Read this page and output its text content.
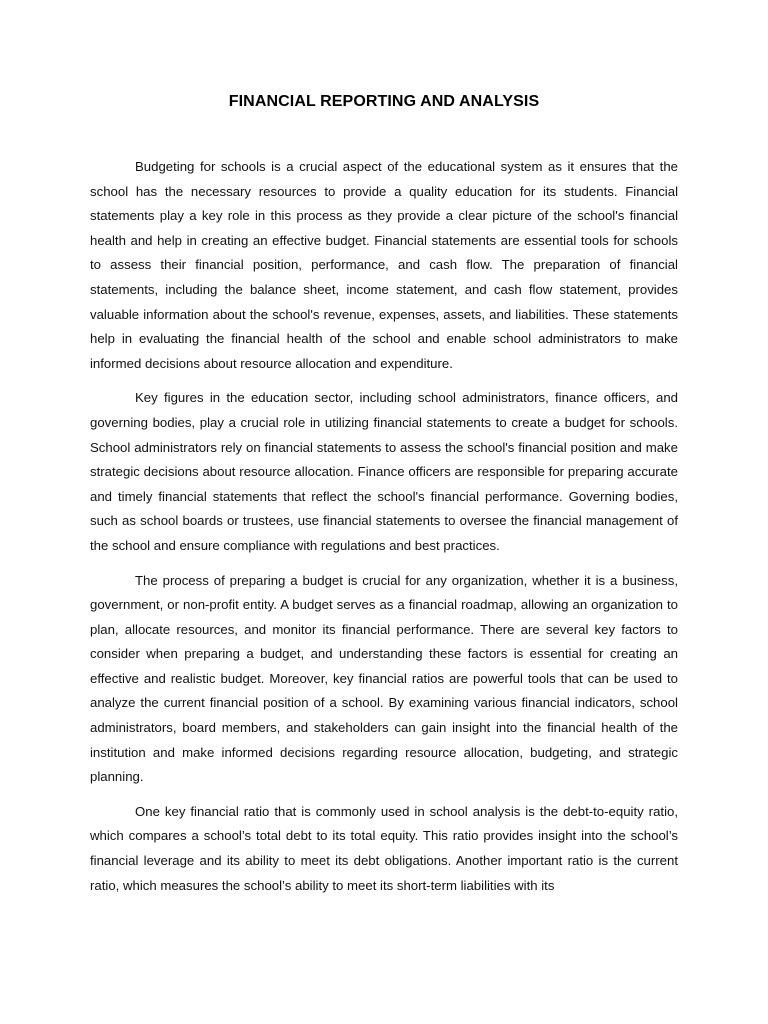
FINANCIAL REPORTING AND ANALYSIS

Budgeting for schools is a crucial aspect of the educational system as it ensures that the school has the necessary resources to provide a quality education for its students. Financial statements play a key role in this process as they provide a clear picture of the school's financial health and help in creating an effective budget. Financial statements are essential tools for schools to assess their financial position, performance, and cash flow. The preparation of financial statements, including the balance sheet, income statement, and cash flow statement, provides valuable information about the school's revenue, expenses, assets, and liabilities. These statements help in evaluating the financial health of the school and enable school administrators to make informed decisions about resource allocation and expenditure.

Key figures in the education sector, including school administrators, finance officers, and governing bodies, play a crucial role in utilizing financial statements to create a budget for schools. School administrators rely on financial statements to assess the school's financial position and make strategic decisions about resource allocation. Finance officers are responsible for preparing accurate and timely financial statements that reflect the school's financial performance. Governing bodies, such as school boards or trustees, use financial statements to oversee the financial management of the school and ensure compliance with regulations and best practices.

The process of preparing a budget is crucial for any organization, whether it is a business, government, or non-profit entity. A budget serves as a financial roadmap, allowing an organization to plan, allocate resources, and monitor its financial performance. There are several key factors to consider when preparing a budget, and understanding these factors is essential for creating an effective and realistic budget. Moreover, key financial ratios are powerful tools that can be used to analyze the current financial position of a school. By examining various financial indicators, school administrators, board members, and stakeholders can gain insight into the financial health of the institution and make informed decisions regarding resource allocation, budgeting, and strategic planning.

One key financial ratio that is commonly used in school analysis is the debt-to-equity ratio, which compares a school’s total debt to its total equity. This ratio provides insight into the school’s financial leverage and its ability to meet its debt obligations. Another important ratio is the current ratio, which measures the school’s ability to meet its short-term liabilities with its
